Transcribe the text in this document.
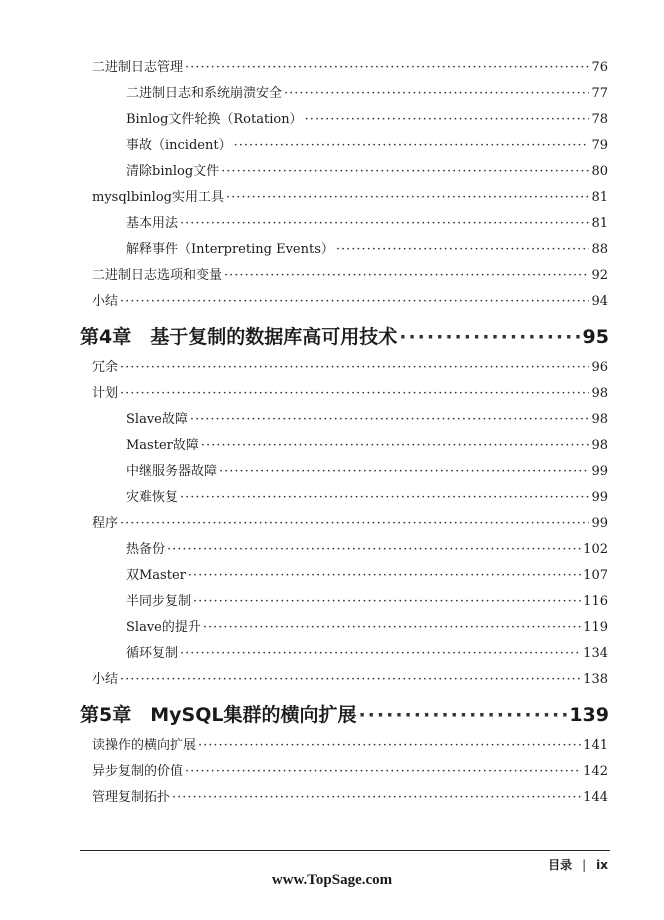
二进制日志管理 ·····	76
二进制日志和系统崩溃安全 ·····	77
Binlog文件轮换（Rotation） ·····	78
事故（incident） ·····	79
清除binlog文件 ·····	80
mysqlbinlog实用工具 ·····	81
基本用法 ·····	81
解释事件（Interpreting Events） ·····	88
二进制日志选项和变量 ·····	92
小结 ·····	94
第4章　基于复制的数据库高可用技术 ·····	95
冗余 ·····	96
计划 ·····	98
Slave故障 ·····	98
Master故障 ·····	98
中继服务器故障 ·····	99
灾难恢复 ·····	99
程序 ·····	99
热备份 ·····	102
双Master ·····	107
半同步复制 ·····	116
Slave的提升 ·····	119
循环复制 ·····	134
小结 ·····	138
第5章　MySQL集群的横向扩展 ·····	139
读操作的横向扩展 ·····	141
异步复制的价值 ·····	142
管理复制拓扑 ·····	144
目录 | ix
www.TopSage.com
